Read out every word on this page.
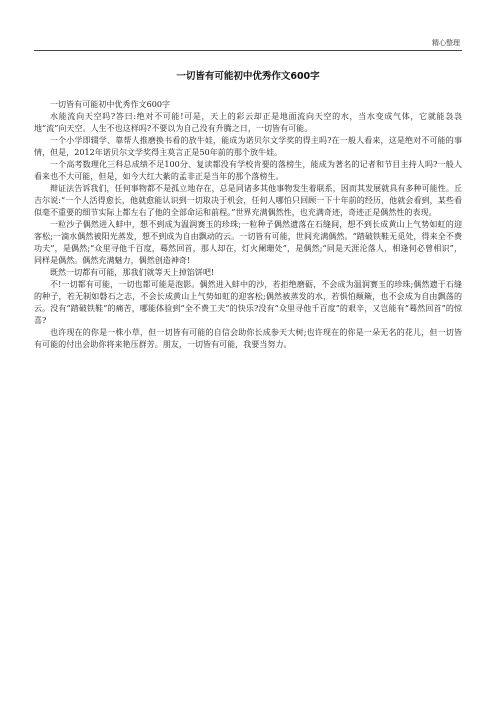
精心整理
一切皆有可能初中优秀作文600字

一切皆有可能初中优秀作文600字

水能流向天空吗?答曰:绝对不可能!可是，天上的彩云却正是地面流向天空的水，当水变成气体，它就能袅袅地“流”向天空。人生不也这样吗?不要以为自己没有升腾之日，一切皆有可能。

一个小学即辍学、靠帮人推磨换书看的放牛娃，能成为诺贝尔文学奖的得主吗?在一般人看来，这是绝对不可能的事情，但是，2012年诺贝尔文学奖得主莫言正是50年前的那个放牛娃。

一个高考数理化三科总成绩不足100分、复读都没有学校肯要的落榜生，能成为著名的记者和节目主持人吗?一般人看来也不大可能，但是，如今大红大紫的孟非正是当年的那个落榜生。

辩证法告诉我们，任何事物都不是孤立地存在，总是同诸多其他事物发生着联系，因而其发展就具有多种可能性。丘吉尔说:“一个人活得愈长，他就愈能认识到一切取决于机会，任何人哪怕只回顾一下十年前的经历，他就会看到，某些看似毫不重要的细节实际上都左右了他的全部命运和前程。”世界充满偶然性，也充满奇迹，奇迹正是偶然性的表现。

一粒沙子偶然进入蚌中，想不到成为温润赛玉的珍珠;一粒种子偶然遗落在石缝间，想不到长成黄山上气势如虹的迎客松;一滴水偶然被阳光蒸发，想不到成为自由飘动的云。一切皆有可能，世间充满偶然。“踏破铁鞋无觅处，得来全不费功夫”，是偶然;“众里寻他千百度，蓦然回首，那人却在，灯火阑珊处”，是偶然;“同是天涯沦落人，相逢何必曾相识”，同样是偶然。偶然充满魅力，偶然创造神奇!

既然一切都有可能，那我们就等天上掉馅饼吧!

不!一切都有可能，一切也都可能是泡影。偶然进入蚌中的沙，若拒绝磨砺，不会成为温润赛玉的珍珠;偶然遗于石缝的种子，若无制如磐石之志，不会长成黄山上气势如虹的迎客松;偶然被蒸发的水，若惧怕颠簸，也不会成为自由飘荡的云。没有“踏破铁鞋”的痛苦，哪能体验到“全不费工夫”的快乐?没有“众里寻他千百度”的艰辛，又岂能有“蓦然回首”的惊喜?

也许现在的你是一株小草，但一切皆有可能的自信会助你长成参天大树;也许现在的你是一朵无名的花儿，但一切皆有可能的付出会助你将来艳压群芳。朋友，一切皆有可能，我要当努力。
